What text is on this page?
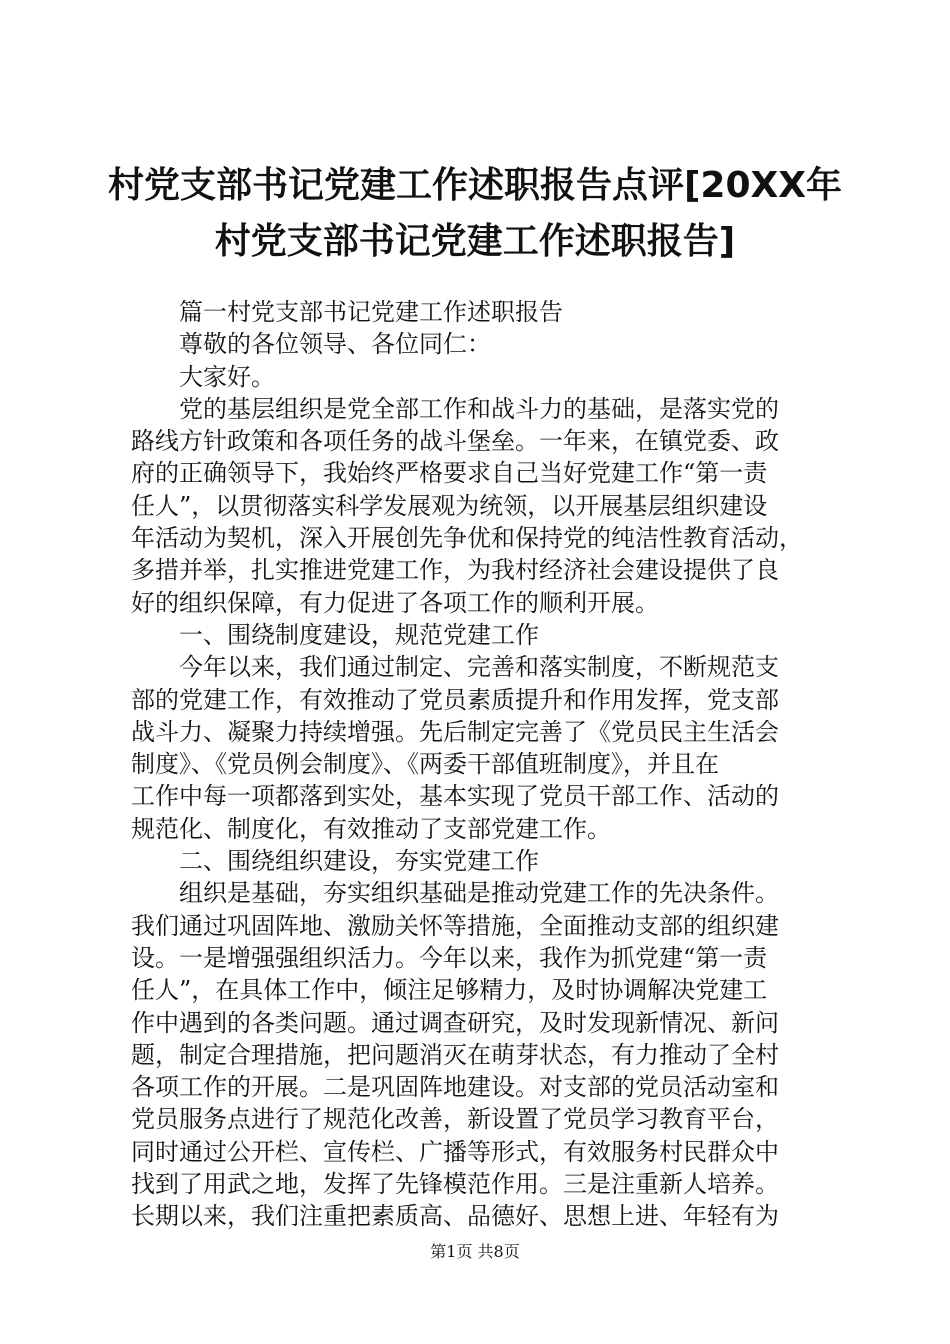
村党支部书记党建工作述职报告点评[20XX年
村党支部书记党建工作述职报告]
篇一村党支部书记党建工作述职报告
尊敬的各位领导、各位同仁：
大家好。
党的基层组织是党全部工作和战斗力的基础，是落实党的
路线方针政策和各项任务的战斗堡垒。一年来，在镇党委、政
府的正确领导下，我始终严格要求自己当好党建工作“第一责
任人”，以贯彻落实科学发展观为统领，以开展基层组织建设
年活动为契机，深入开展创先争优和保持党的纯洁性教育活动，
多措并举，扎实推进党建工作，为我村经济社会建设提供了良
好的组织保障，有力促进了各项工作的顺利开展。
一、围绕制度建设，规范党建工作
今年以来，我们通过制定、完善和落实制度，不断规范支
部的党建工作，有效推动了党员素质提升和作用发挥，党支部
战斗力、凝聚力持续增强。先后制定完善了《党员民主生活会
制度》、《党员例会制度》、《两委干部值班制度》，并且在
工作中每一项都落到实处，基本实现了党员干部工作、活动的
规范化、制度化，有效推动了支部党建工作。
二、围绕组织建设，夯实党建工作
组织是基础，夯实组织基础是推动党建工作的先决条件。
我们通过巩固阵地、激励关怀等措施，全面推动支部的组织建
设。一是增强强组织活力。今年以来，我作为抓党建“第一责
任人”，在具体工作中，倾注足够精力，及时协调解决党建工
作中遇到的各类问题。通过调查研究，及时发现新情况、新问
题，制定合理措施，把问题消灭在萌芽状态，有力推动了全村
各项工作的开展。二是巩固阵地建设。对支部的党员活动室和
党员服务点进行了规范化改善，新设置了党员学习教育平台，
同时通过公开栏、宣传栏、广播等形式，有效服务村民群众中
找到了用武之地，发挥了先锋模范作用。三是注重新人培养。
长期以来，我们注重把素质高、品德好、思想上进、年轻有为
第1页 共8页
